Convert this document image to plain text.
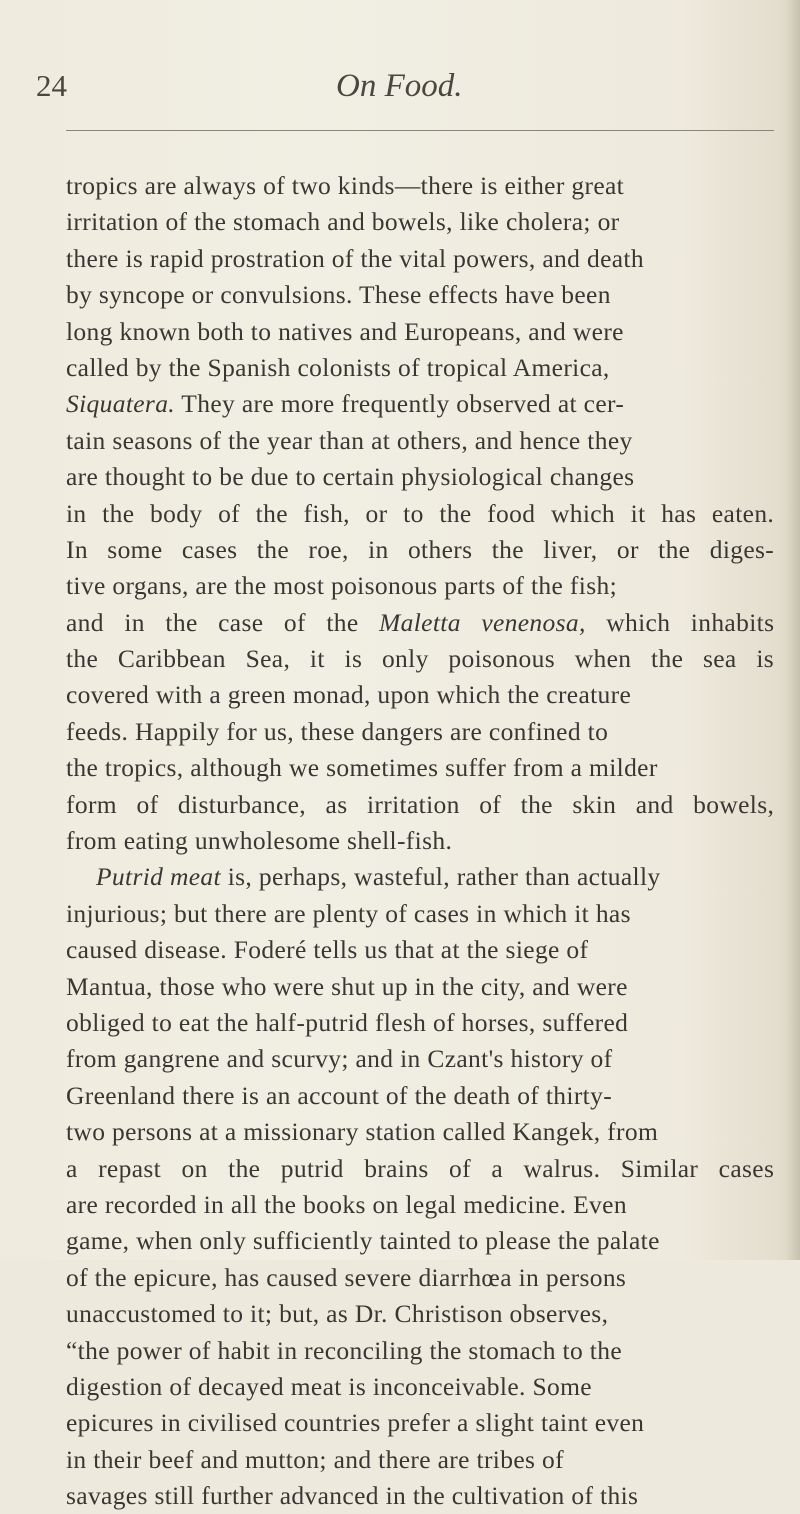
24	On Food.
tropics are always of two kinds—there is either great
irritation of the stomach and bowels, like cholera; or
there is rapid prostration of the vital powers, and death
by syncope or convulsions. These effects have been
long known both to natives and Europeans, and were
called by the Spanish colonists of tropical America,
Siquatera. They are more frequently observed at cer-
tain seasons of the year than at others, and hence they
are thought to be due to certain physiological changes
in the body of the fish, or to the food which it has eaten.
In some cases the roe, in others the liver, or the diges-
tive organs, are the most poisonous parts of the fish;
and in the case of the Maletta venenosa, which inhabits
the Caribbean Sea, it is only poisonous when the sea is
covered with a green monad, upon which the creature
feeds. Happily for us, these dangers are confined to
the tropics, although we sometimes suffer from a milder
form of disturbance, as irritation of the skin and bowels,
from eating unwholesome shell-fish.
Putrid meat is, perhaps, wasteful, rather than actually
injurious; but there are plenty of cases in which it has
caused disease. Foderé tells us that at the siege of
Mantua, those who were shut up in the city, and were
obliged to eat the half-putrid flesh of horses, suffered
from gangrene and scurvy; and in Czant's history of
Greenland there is an account of the death of thirty-
two persons at a missionary station called Kangek, from
a repast on the putrid brains of a walrus. Similar cases
are recorded in all the books on legal medicine. Even
game, when only sufficiently tainted to please the palate
of the epicure, has caused severe diarrhœa in persons
unaccustomed to it; but, as Dr. Christison observes,
“the power of habit in reconciling the stomach to the
digestion of decayed meat is inconceivable. Some
epicures in civilised countries prefer a slight taint even
in their beef and mutton; and there are tribes of
savages still further advanced in the cultivation of this
